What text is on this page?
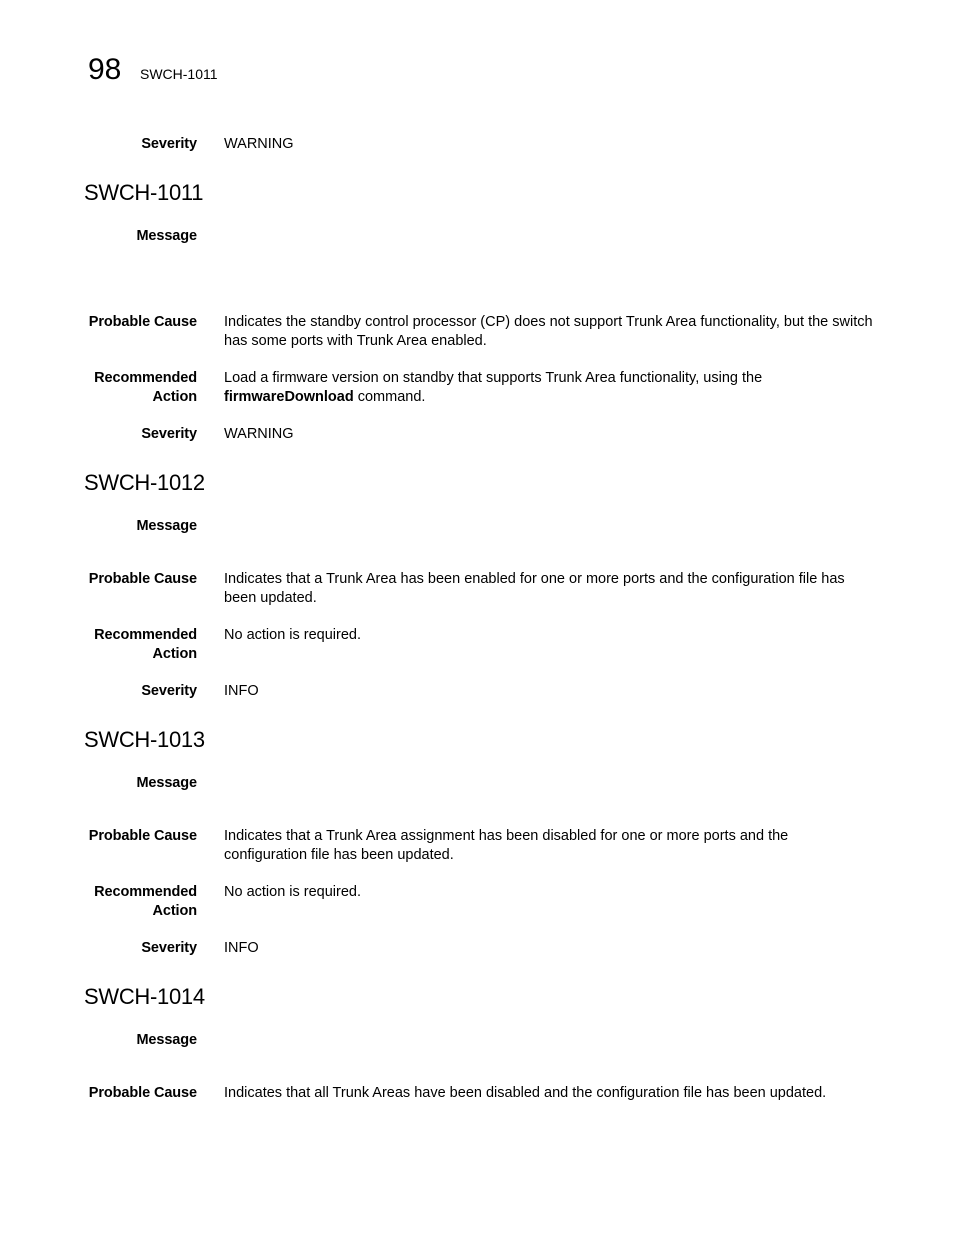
98 SWCH-1011
Severity WARNING
SWCH-1011
Message
Probable Cause Indicates the standby control processor (CP) does not support Trunk Area functionality, but the switch has some ports with Trunk Area enabled.
Recommended
Action
Load a firmware version on standby that supports Trunk Area functionality, using the firmwareDownload command.
Severity WARNING
SWCH-1012
Message
Probable Cause Indicates that a Trunk Area has been enabled for one or more ports and the configuration file has been updated.
Recommended
Action
No action is required.
Severity INFO
SWCH-1013
Message
Probable Cause Indicates that a Trunk Area assignment has been disabled for one or more ports and the configuration file has been updated.
Recommended
Action
No action is required.
Severity INFO
SWCH-1014
Message
Probable Cause Indicates that all Trunk Areas have been disabled and the configuration file has been updated.
